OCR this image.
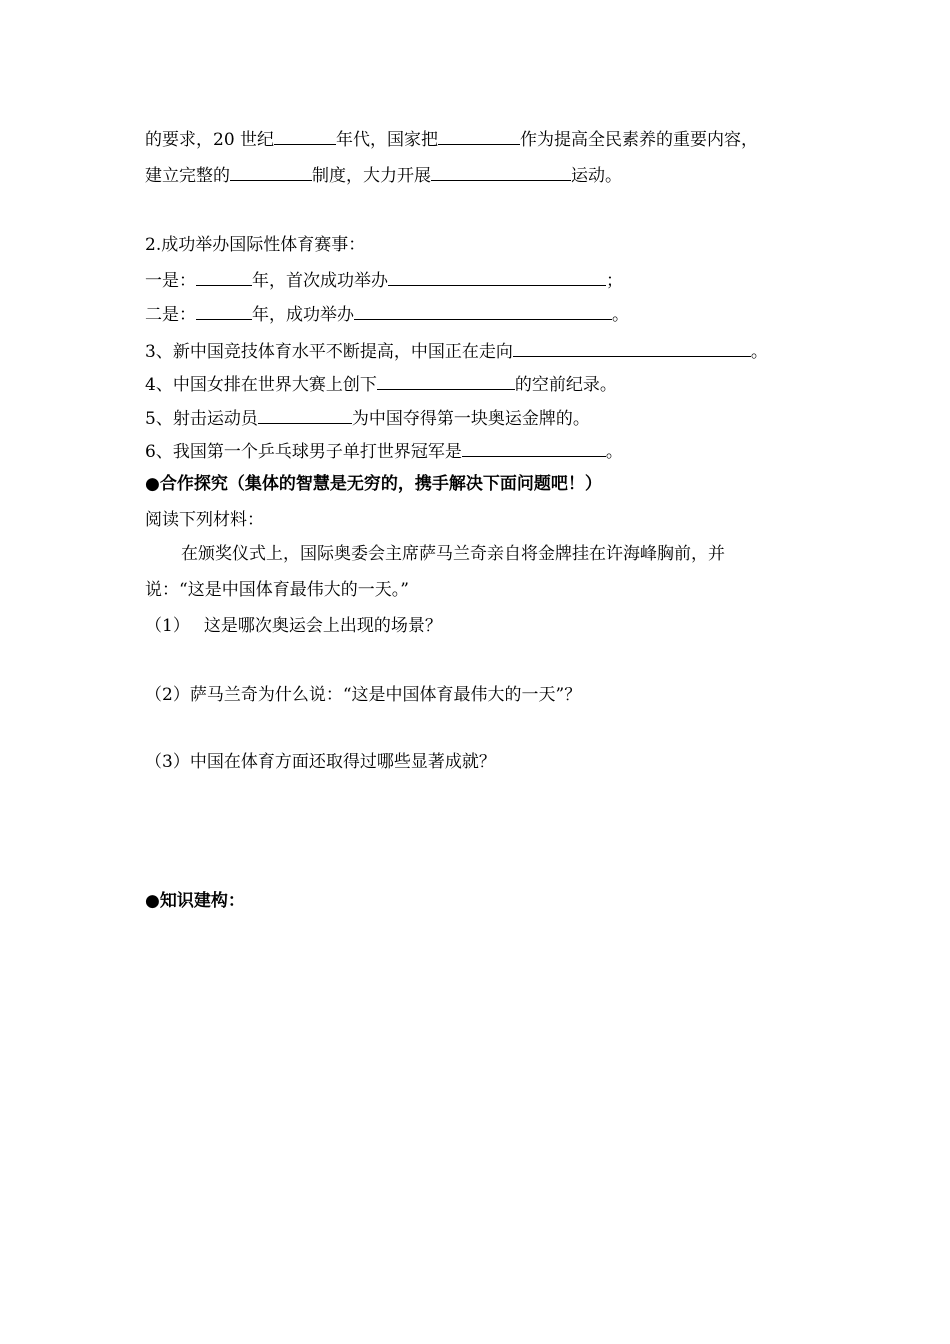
的要求，20 世纪	年代，国家把	作为提高全民素养的重要内容，
建立完整的	制度，大力开展	运动。
2.成功举办国际性体育赛事：
一是：	年，首次成功举办	；
二是：	年，成功举办	。
3、新中国竞技体育水平不断提高，中国正在走向	。
4、中国女排在世界大赛上创下	的空前纪录。
5、射击运动员	为中国夺得第一块奥运金牌的。
6、我国第一个乒乓球男子单打世界冠军是	。
●合作探究（集体的智慧是无穷的，携手解决下面问题吧！）
阅读下列材料：
在颁奖仪式上，国际奥委会主席萨马兰奇亲自将金牌挂在许海峰胸前，并
说：“这是中国体育最伟大的一天。”
（1） 这是哪次奥运会上出现的场景？
（2）萨马兰奇为什么说：“这是中国体育最伟大的一天”？
（3）中国在体育方面还取得过哪些显著成就？
●知识建构：
